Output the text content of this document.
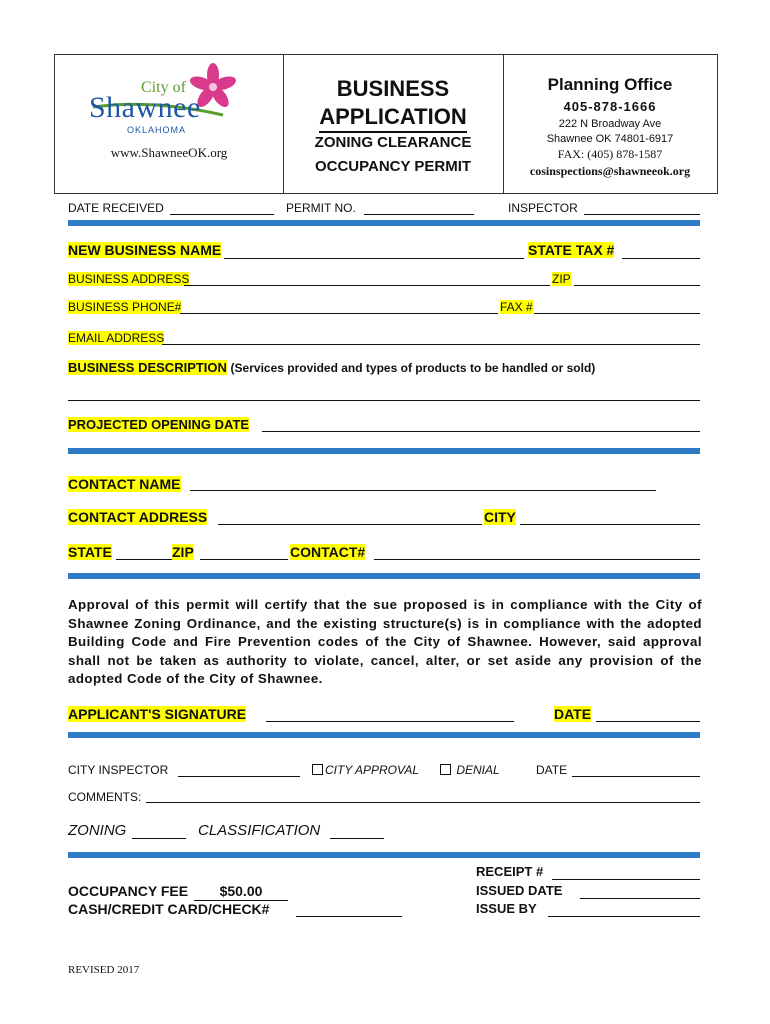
City of
Shawnee
OKLAHOMA
www.ShawneeOK.org
BUSINESS
APPLICATION
ZONING CLEARANCE
OCCUPANCY PERMIT
Planning Office
405-878-1666
222 N Broadway Ave
Shawnee OK 74801-6917
FAX: (405) 878-1587
cosinspections@shawneeok.org
DATE RECEIVED	PERMIT NO.	INSPECTOR
NEW BUSINESS NAME	STATE TAX #
BUSINESS ADDRESS	ZIP
BUSINESS PHONE#	FAX #
EMAIL ADDRESS
BUSINESS DESCRIPTION (Services provided and types of products to be handled or sold)
PROJECTED OPENING DATE
CONTACT NAME
CONTACT ADDRESS	CITY
STATE	ZIP	CONTACT#
Approval of this permit will certify that the sue proposed is in compliance with the City of Shawnee Zoning Ordinance, and the existing structure(s) is in compliance with the adopted Building Code and Fire Prevention codes of the City of Shawnee. However, said approval shall not be taken as authority to violate, cancel, alter, or set aside any provision of the adopted Code of the City of Shawnee.
APPLICANT'S SIGNATURE	DATE
CITY INSPECTOR	CITY APPROVAL	DENIAL	DATE
COMMENTS:
ZONING	CLASSIFICATION
OCCUPANCY FEE	$50.00
CASH/CREDIT CARD/CHECK#
RECEIPT #
ISSUED DATE
ISSUE BY
REVISED 2017
